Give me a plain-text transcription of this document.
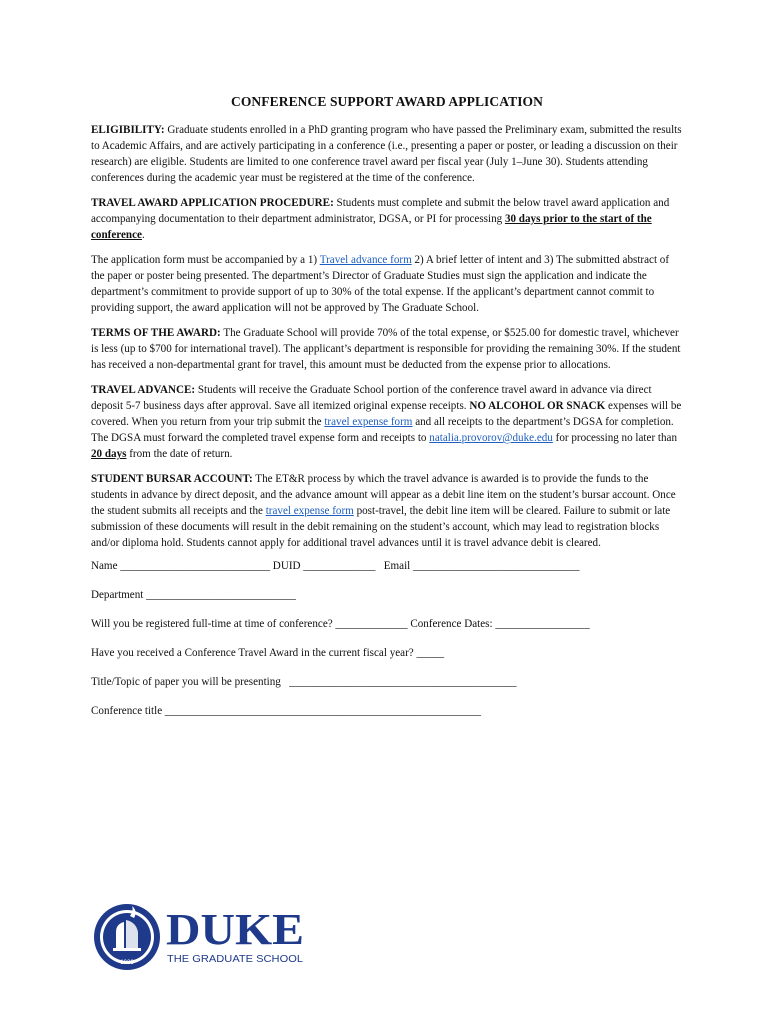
CONFERENCE SUPPORT AWARD APPLICATION

ELIGIBILITY: Graduate students enrolled in a PhD granting program who have passed the Preliminary exam, submitted the results to Academic Affairs, and are actively participating in a conference (i.e., presenting a paper or poster, or leading a discussion on their research) are eligible. Students are limited to one conference travel award per fiscal year (July 1–June 30). Students attending conferences during the academic year must be registered at the time of the conference.

TRAVEL AWARD APPLICATION PROCEDURE: Students must complete and submit the below travel award application and accompanying documentation to their department administrator, DGSA, or PI for processing 30 days prior to the start of the conference.

The application form must be accompanied by a 1) Travel advance form 2) A brief letter of intent and 3) The submitted abstract of the paper or poster being presented. The department’s Director of Graduate Studies must sign the application and indicate the department’s commitment to provide support of up to 30% of the total expense. If the applicant’s department cannot commit to providing support, the award application will not be approved by The Graduate School.

TERMS OF THE AWARD: The Graduate School will provide 70% of the total expense, or $525.00 for domestic travel, whichever is less (up to $700 for international travel). The applicant’s department is responsible for providing the remaining 30%. If the student has received a non-departmental grant for travel, this amount must be deducted from the expense prior to allocations.

TRAVEL ADVANCE: Students will receive the Graduate School portion of the conference travel award in advance via direct deposit 5-7 business days after approval. Save all itemized original expense receipts. NO ALCOHOL OR SNACK expenses will be covered. When you return from your trip submit the travel expense form and all receipts to the department’s DGSA for completion. The DGSA must forward the completed travel expense form and receipts to natalia.provorov@duke.edu for processing no later than 20 days from the date of return.

STUDENT BURSAR ACCOUNT: The ET&R process by which the travel advance is awarded is to provide the funds to the students in advance by direct deposit, and the advance amount will appear as a debit line item on the student’s bursar account. Once the student submits all receipts and the travel expense form post-travel, the debit line item will be cleared. Failure to submit or late submission of these documents will result in the debit remaining on the student’s account, which may lead to registration blocks and/or diploma hold. Students cannot apply for additional travel advances until it is travel advance debit is cleared.

Name ___________________________ DUID _____________   Email ______________________________

Department ___________________________

Will you be registered full-time at time of conference? _____________ Conference Dates: _________________

Have you received a Conference Travel Award in the current fiscal year? _____

Title/Topic of paper you will be presenting   _________________________________________

Conference title _________________________________________________________

1926
DUKE
THE GRADUATE SCHOOL
